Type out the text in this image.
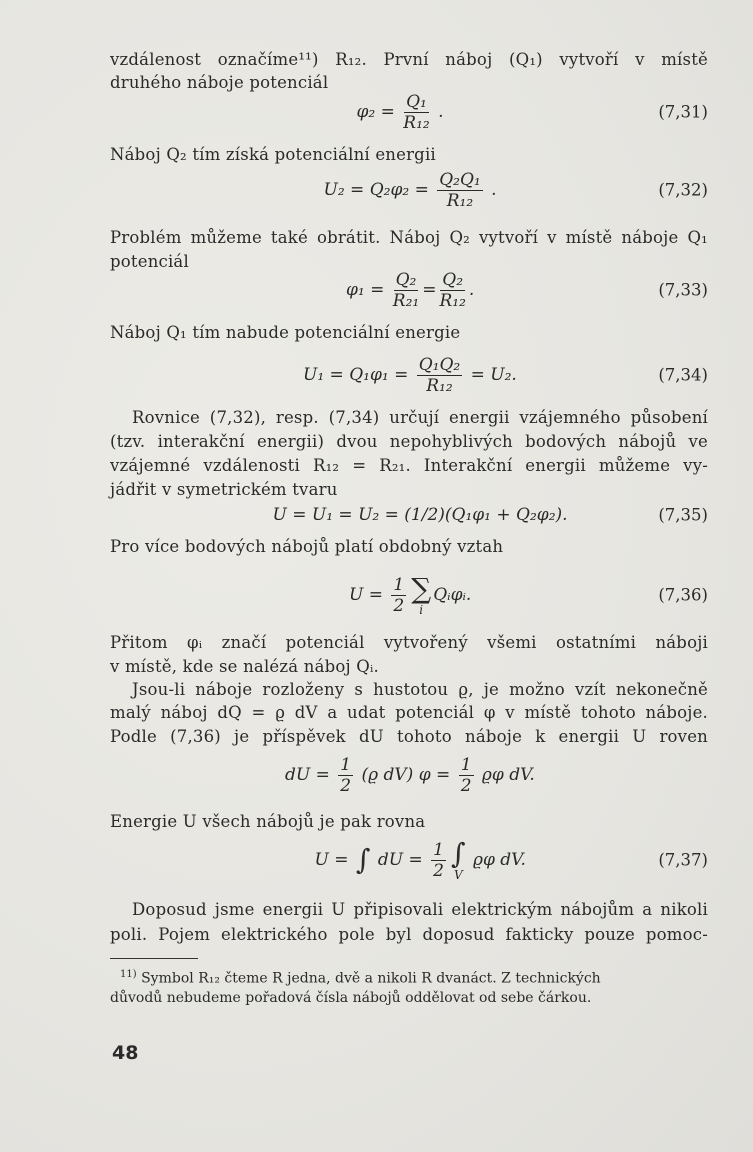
vzdálenost označíme¹¹) R₁₂. První náboj (Q₁) vytvoří v místě
druhého náboje potenciál
$\varphi_2 = \frac{\text{Q₁}}{\text{R₁₂}}$ .	(7,31)
Náboj Q₂ tím získá potenciální energii
$U_2 = Q_2\varphi_2 = \frac{\text{Q₂Q₁}}{\text{R₁₂}}$ .	(7,32)
Problém můžeme také obrátit. Náboj Q₂ vytvoří v místě náboje Q₁
potenciál
$\varphi_1 = \frac{\text{Q₂}}{\text{R₂₁}} = \frac{\text{Q₂}}{\text{R₁₂}}$ .	(7,33)
Náboj Q₁ tím nabude potenciální energie
$U_1 = Q_1\varphi_1 = \frac{\text{Q₁Q₂}}{\text{R₁₂}} = U_2$.	(7,34)
Rovnice (7,32), resp. (7,34) určují energii vzájemného působení
(tzv. interakční energii) dvou nepohyblivých bodových nábojů ve
vzájemné vzdálenosti R₁₂ = R₂₁. Interakční energii můžeme vy-
jádřit v symetrickém tvaru
U = U₁ = U₂ = (1/2)(Q₁φ₁ + Q₂φ₂).	(7,35)
Pro více bodových nábojů platí obdobný vztah
$U = \frac{1}{2}$ ∑
i
Qᵢφᵢ.	(7,36)
Přitom φᵢ značí potenciál vytvořený všemi ostatními náboji
v místě, kde se nalézá náboj Qᵢ.
Jsou-li náboje rozloženy s hustotou ϱ, je možno vzít nekonečně
malý náboj dQ = ϱ dV a udat potenciál φ v místě tohoto náboje.
Podle (7,36) je příspěvek dU tohoto náboje k energii U roven
dU = $\frac{1}{2} (ϱ$ dV) $\varphi = \frac{1}{2}$ ϱφ dV.
Energie U všech nábojů je pak rovna
U = ∫ dU = $\frac{1}{2}$ ∫
V
ϱφ dV.	(7,37)
Doposud jsme energii U připisovali elektrickým nábojům a nikoli
poli. Pojem elektrického pole byl doposud fakticky pouze pomoc-
$^{11)}$ Symbol R₁₂ čteme R jedna, dvě a nikoli R dvanáct. Z technických
důvodů nebudeme pořadová čísla nábojů oddělovat od sebe čárkou.
48
